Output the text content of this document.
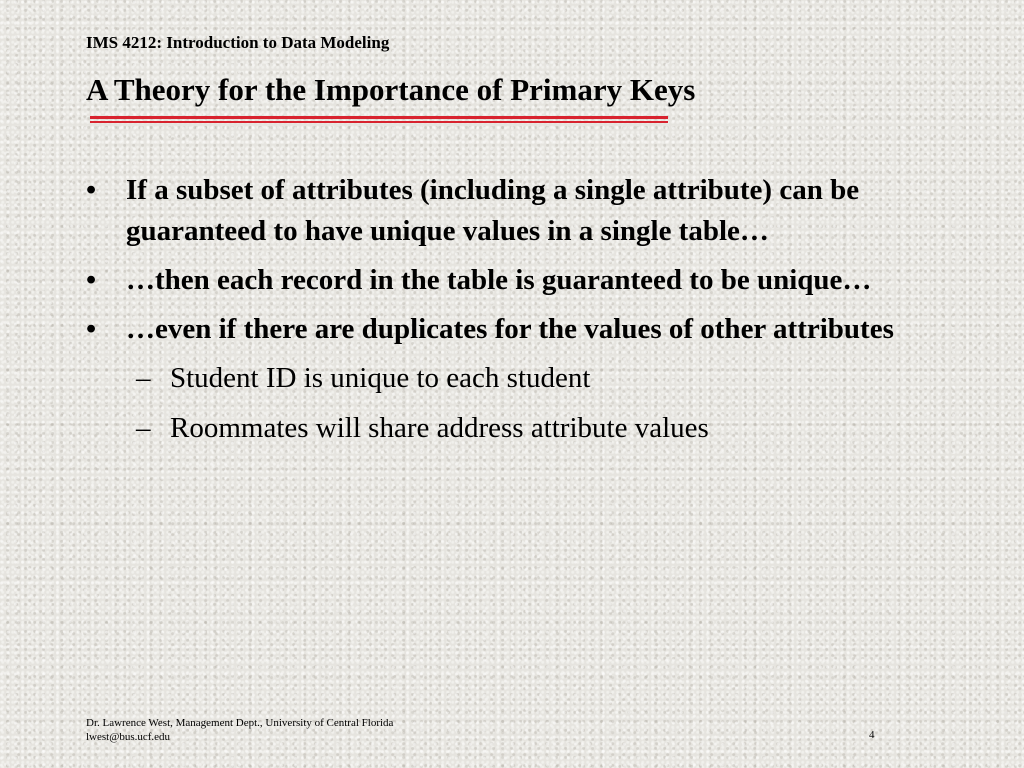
IMS 4212: Introduction to Data Modeling
A Theory for the Importance of Primary Keys
•	If a subset of attributes (including a single attribute) can be guaranteed to have unique values in a single table…
•	…then each record in the table is guaranteed to be unique…
•	…even if there are duplicates for the values of other attributes
– Student ID is unique to each student
– Roommates will share address attribute values
Dr. Lawrence West, Management Dept., University of Central Florida
lwest@bus.ucf.edu	4
